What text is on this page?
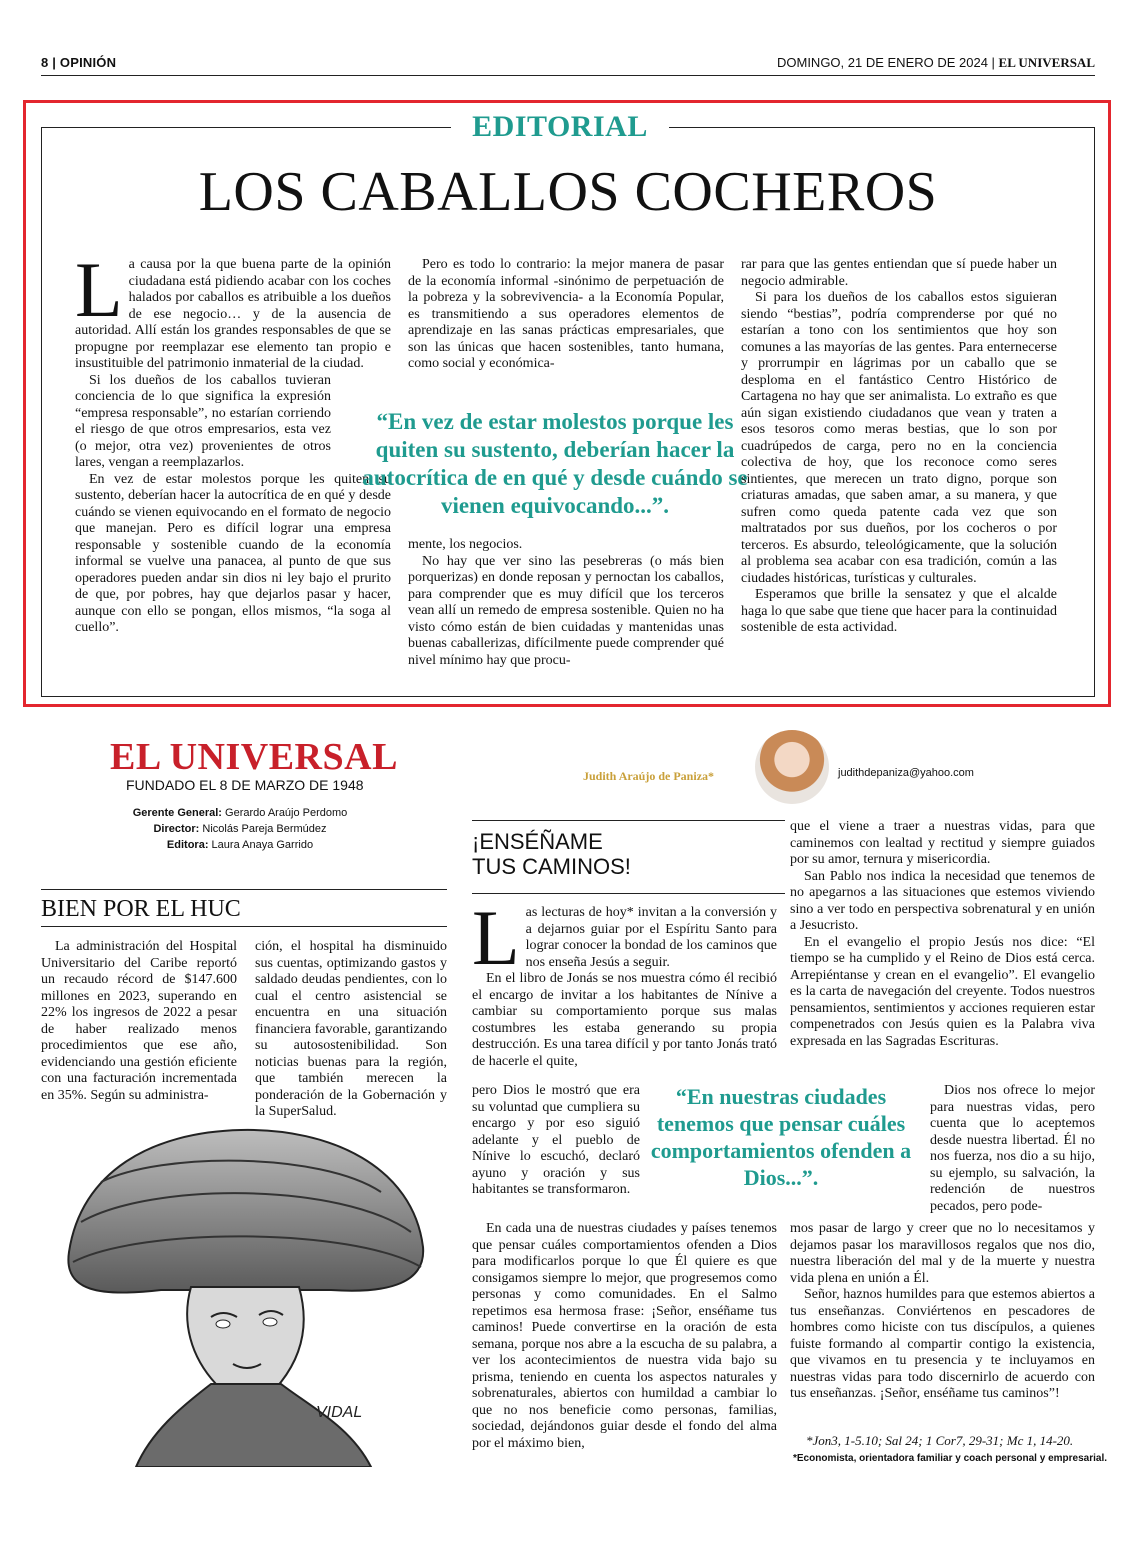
8 | OPINIÓN	DOMINGO, 21 DE ENERO DE 2024 | EL UNIVERSAL
EDITORIAL
LOS CABALLOS COCHEROS

La causa por la que buena parte de la opinión ciudadana está pidiendo acabar con los coches halados por caballos es atribuible a los dueños de ese negocio… y de la ausencia de autoridad. Allí están los grandes responsables de que se propugne por reemplazar ese elemento tan propio e insustituible del patrimonio inmaterial de la ciudad.

Si los dueños de los caballos tuvieran conciencia de lo que significa la expresión “empresa responsable”, no estarían corriendo el riesgo de que otros empresarios, esta vez (o mejor, otra vez) provenientes de otros lares, vengan a reemplazarlos.

En vez de estar molestos porque les quiten su sustento, deberían hacer la autocrítica de en qué y desde cuándo se vienen equivocando en el formato de negocio que manejan. Pero es difícil lograr una empresa responsable y sostenible cuando de la economía informal se vuelve una panacea, al punto de que sus operadores pueden andar sin dios ni ley bajo el prurito de que, por pobres, hay que dejarlos pasar y hacer, aunque con ello se pongan, ellos mismos, “la soga al cuello”.

Pero es todo lo contrario: la mejor manera de pasar de la economía informal -sinónimo de perpetuación de la pobreza y la sobrevivencia- a la Economía Popular, es transmitiendo a sus operadores elementos de aprendizaje en las sanas prácticas empresariales, que son las únicas que hacen sostenibles, tanto humana, como social y económica-

“En vez de estar molestos porque les quiten su sustento, deberían hacer la autocrítica de en qué y desde cuándo se vienen equivocando...”.

mente, los negocios.

No hay que ver sino las pesebreras (o más bien porquerizas) en donde reposan y pernoctan los caballos, para comprender que es muy difícil que los terceros vean allí un remedo de empresa sostenible. Quien no ha visto cómo están de bien cuidadas y mantenidas unas buenas caballerizas, difícilmente puede comprender qué nivel mínimo hay que procu-

rar para que las gentes entiendan que sí puede haber un negocio admirable.

Si para los dueños de los caballos estos siguieran siendo “bestias”, podría comprenderse por qué no estarían a tono con los sentimientos que hoy son comunes a las mayorías de las gentes. Para enternecerse y prorrumpir en lágrimas por un caballo que se desploma en el fantástico Centro Histórico de Cartagena no hay que ser animalista. Lo extraño es que aún sigan existiendo ciudadanos que vean y traten a esos tesoros como meras bestias, que lo son por cuadrúpedos de carga, pero no en la conciencia colectiva de hoy, que los reconoce como seres sintientes, que merecen un trato digno, porque son criaturas amadas, que saben amar, a su manera, y que sufren como queda patente cada vez que son maltratados por sus dueños, por los cocheros o por terceros. Es absurdo, teleológicamente, que la solución al problema sea acabar con esa tradición, común a las ciudades históricas, turísticas y culturales.

Esperamos que brille la sensatez y que el alcalde haga lo que sabe que tiene que hacer para la continuidad sostenible de esta actividad.

EL UNIVERSAL
FUNDADO EL 8 DE MARZO DE 1948
Gerente General: Gerardo Araújo Perdomo
Director: Nicolás Pareja Bermúdez
Editora: Laura Anaya Garrido
BIEN POR EL HUC

La administración del Hospital Universitario del Caribe reportó un recaudo récord de $147.600 millones en 2023, superando en 22% los ingresos de 2022 a pesar de haber realizado menos procedimientos que ese año, evidenciando una gestión eficiente con una facturación incrementada en 35%. Según su administra-

ción, el hospital ha disminuido sus cuentas, optimizando gastos y saldado deudas pendientes, con lo cual el centro asistencial se encuentra en una situación financiera favorable, garantizando su autosostenibilidad. Son noticias buenas para la región, que también merecen la ponderación de la Gobernación y la SuperSalud.

VIDAL
Judith Araújo de Paniza*	judithdepaniza@yahoo.com
¡ENSÉÑAME
TUS CAMINOS!

Las lecturas de hoy* invitan a la conversión y a dejarnos guiar por el Espíritu Santo para lograr conocer la bondad de los caminos que nos enseña Jesús a seguir.

En el libro de Jonás se nos muestra cómo él recibió el encargo de invitar a los habitantes de Nínive a cambiar su comportamiento porque sus malas costumbres les estaba generando su propia destrucción. Es una tarea difícil y por tanto Jonás trató de hacerle el quite,

pero Dios le mostró que era su voluntad que cumpliera su encargo y por eso siguió adelante y el pueblo de Nínive lo escuchó, declaró ayuno y oración y sus habitantes se transformaron.

En cada una de nuestras ciudades y países tenemos que pensar cuáles comportamientos ofenden a Dios para modificarlos porque lo que Él quiere es que consigamos siempre lo mejor, que progresemos como personas y como comunidades. En el Salmo repetimos esa hermosa frase: ¡Señor, enséñame tus caminos! Puede convertirse en la oración de esta semana, porque nos abre a la escucha de su palabra, a ver los acontecimientos de nuestra vida bajo su prisma, teniendo en cuenta los aspectos naturales y sobrenaturales, abiertos con humildad a cambiar lo que no nos beneficie como personas, familias, sociedad, dejándonos guiar desde el fondo del alma por el máximo bien,

que el viene a traer a nuestras vidas, para que caminemos con lealtad y rectitud y siempre guiados por su amor, ternura y misericordia.

San Pablo nos indica la necesidad que tenemos de no apegarnos a las situaciones que estemos viviendo sino a ver todo en perspectiva sobrenatural y en unión a Jesucristo.

En el evangelio el propio Jesús nos dice: “El tiempo se ha cumplido y el Reino de Dios está cerca. Arrepiéntanse y crean en el evangelio”. El evangelio es la carta de navegación del creyente. Todos nuestros pensamientos, sentimientos y acciones requieren estar compenetrados con Jesús quien es la Palabra viva expresada en las Sagradas Escrituras.

“En nuestras ciudades tenemos que pensar cuáles comportamientos ofenden a Dios...”.

Dios nos ofrece lo mejor para nuestras vidas, pero cuenta que lo aceptemos desde nuestra libertad. Él no nos fuerza, nos dio a su hijo, su ejemplo, su salvación, la redención de nuestros pecados, pero pode-

mos pasar de largo y creer que no lo necesitamos y dejamos pasar los maravillosos regalos que nos dio, nuestra liberación del mal y de la muerte y nuestra vida plena en unión a Él.

Señor, haznos humildes para que estemos abiertos a tus enseñanzas. Conviértenos en pescadores de hombres como hiciste con tus discípulos, a quienes fuiste formando al compartir contigo la existencia, que vivamos en tu presencia y te incluyamos en nuestras vidas para todo discernirlo de acuerdo con tus enseñanzas. ¡Señor, enséñame tus caminos”!

*Jon3, 1-5.10; Sal 24; 1 Cor7, 29-31; Mc 1, 14-20.
*Economista, orientadora familiar y coach personal y empresarial.
